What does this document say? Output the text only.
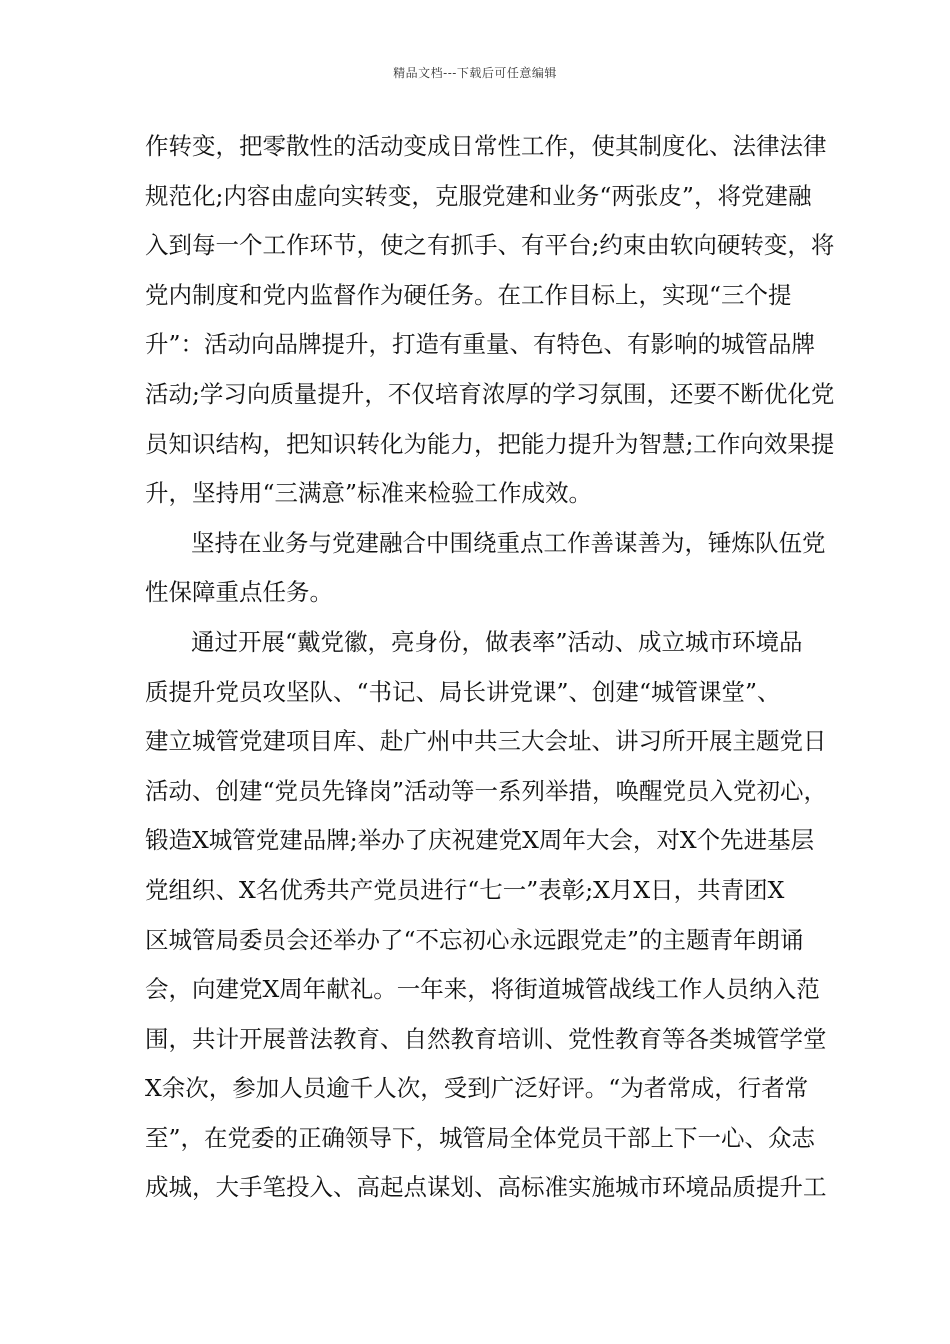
精品文档---下载后可任意编辑
作转变，把零散性的活动变成日常性工作，使其制度化、法律法律
规范化;内容由虚向实转变，克服党建和业务“两张皮”，将党建融
入到每一个工作环节，使之有抓手、有平台;约束由软向硬转变，将
党内制度和党内监督作为硬任务。在工作目标上，实现“三个提
升”：活动向品牌提升，打造有重量、有特色、有影响的城管品牌
活动;学习向质量提升，不仅培育浓厚的学习氛围，还要不断优化党
员知识结构，把知识转化为能力，把能力提升为智慧;工作向效果提
升，坚持用“三满意”标准来检验工作成效。
坚持在业务与党建融合中围绕重点工作善谋善为，锤炼队伍党
性保障重点任务。
通过开展“戴党徽，亮身份，做表率”活动、成立城市环境品
质提升党员攻坚队、“书记、局长讲党课”、创建“城管课堂”、
建立城管党建项目库、赴广州中共三大会址、讲习所开展主题党日
活动、创建“党员先锋岗”活动等一系列举措，唤醒党员入党初心，
锻造X城管党建品牌;举办了庆祝建党X周年大会，对X个先进基层
党组织、X名优秀共产党员进行“七一”表彰;X月X日，共青团X
区城管局委员会还举办了“不忘初心永远跟党走”的主题青年朗诵
会，向建党X周年献礼。一年来，将街道城管战线工作人员纳入范
围，共计开展普法教育、自然教育培训、党性教育等各类城管学堂
X余次，参加人员逾千人次，受到广泛好评。“为者常成，行者常
至”，在党委的正确领导下，城管局全体党员干部上下一心、众志
成城，大手笔投入、高起点谋划、高标准实施城市环境品质提升工
